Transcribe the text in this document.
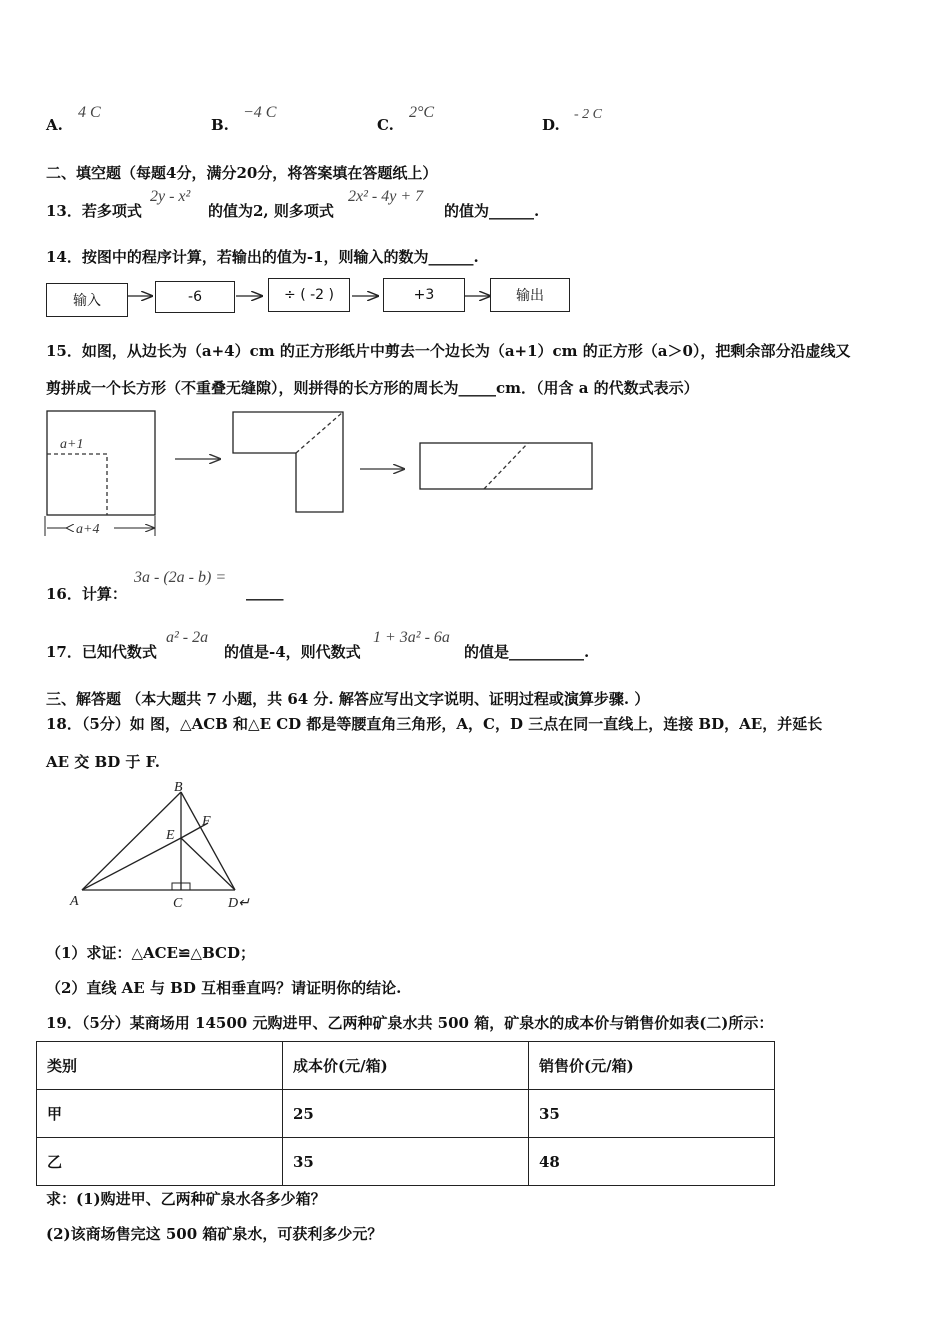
A.
4 C
B.
−4 C
C.
2°C
D.
- 2 C
二、填空题（每题4分，满分20分，将答案填在答题纸上）
13．若多项式
2y - x²
的值为2, 则多项式
2x² - 4y + 7
的值为______.
14．按图中的程序计算，若输出的值为-1，则输入的数为______.
输入	-6	÷ ( -2 )	+3	输出
15．如图，从边长为（a+4）cm 的正方形纸片中剪去一个边长为（a+1）cm 的正方形（a＞0），把剩余部分沿虚线又
剪拼成一个长方形（不重叠无缝隙），则拼得的长方形的周长为_____cm．（用含 a 的代数式表示）
a+1
a+4
16．计算：
3a - (2a - b) =
_____
17．已知代数式
a² - 2a
的值是-4，则代数式
1 + 3a² - 6a
的值是__________.
三、解答题 （本大题共 7 小题，共 64 分. 解答应写出文字说明、证明过程或演算步骤. ）
18．（5分）如 图，△ACB 和△E CD 都是等腰直角三角形，A，C，D 三点在同一直线上，连接 BD，AE，并延长
AE 交 BD 于 F.
B
E
F
A	C	D↵
（1）求证：△ACE≌△BCD；
（2）直线 AE 与 BD 互相垂直吗？请证明你的结论.
19．（5分）某商场用 14500 元购进甲、乙两种矿泉水共 500 箱，矿泉水的成本价与销售价如表(二)所示：
类别	成本价(元/箱)	销售价(元/箱)
甲	25	35
乙	35	48
求：(1)购进甲、乙两种矿泉水各多少箱？
(2)该商场售完这 500 箱矿泉水，可获利多少元？
